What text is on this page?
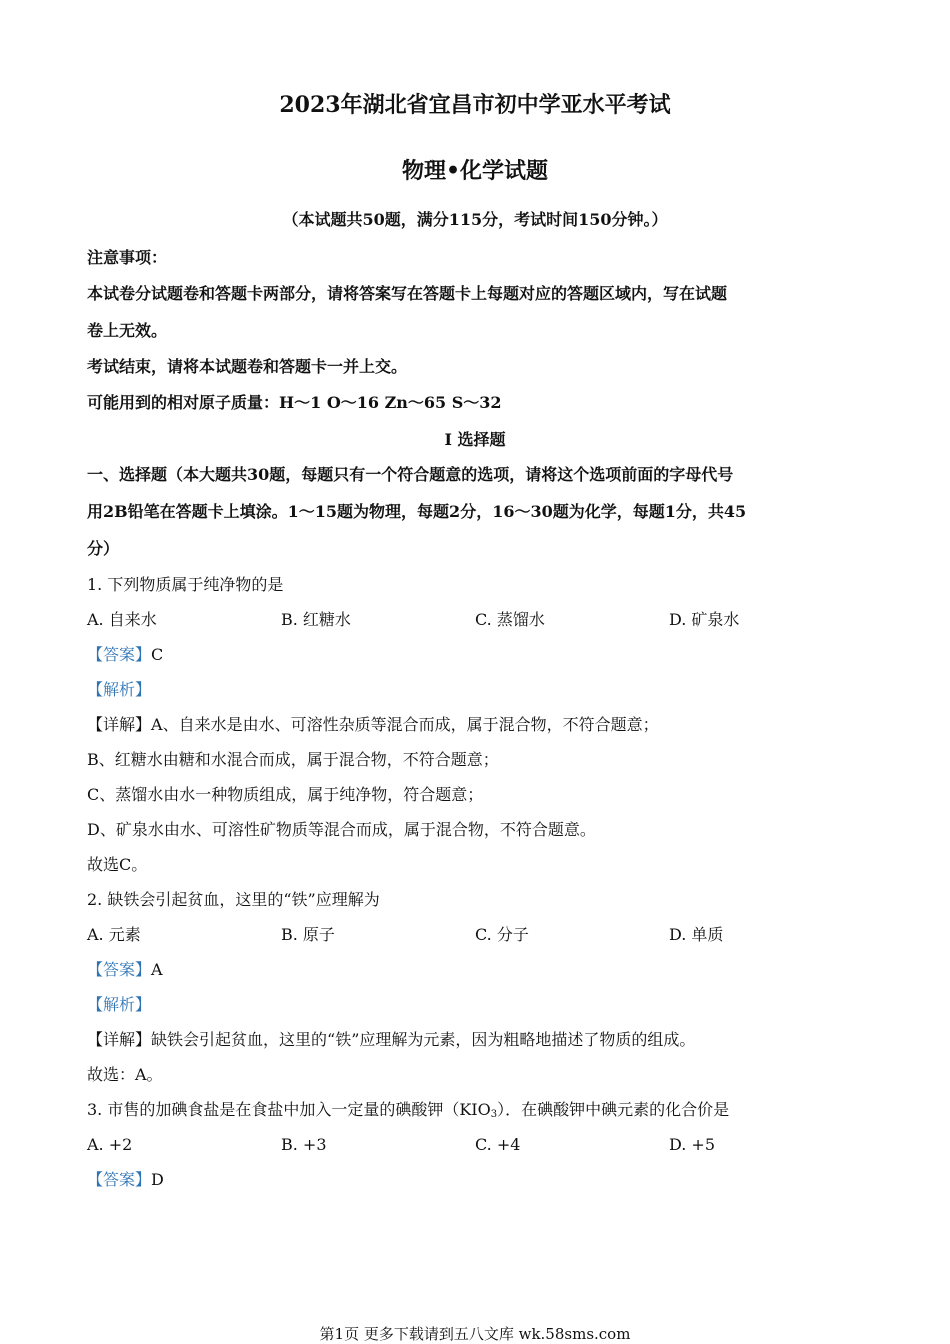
2023年湖北省宜昌市初中学亚水平考试
物理•化学试题
（本试题共50题，满分115分，考试时间150分钟。）
注意事项：
本试卷分试题卷和答题卡两部分，请将答案写在答题卡上每题对应的答题区域内，写在试题
卷上无效。
考试结束，请将本试题卷和答题卡一并上交。
可能用到的相对原子质量：H～1 O～16 Zn～65 S～32
Ⅰ 选择题
一、选择题（本大题共30题，每题只有一个符合题意的选项，请将这个选项前面的字母代号
用2B铅笔在答题卡上填涂。1～15题为物理，每题2分，16～30题为化学，每题1分，共45
分）
1. 下列物质属于纯净物的是
A. 自来水	B. 红糖水	C. 蒸馏水	D. 矿泉水
【答案】C
【解析】
【详解】A、自来水是由水、可溶性杂质等混合而成，属于混合物，不符合题意；
B、红糖水由糖和水混合而成，属于混合物，不符合题意；
C、蒸馏水由水一种物质组成，属于纯净物，符合题意；
D、矿泉水由水、可溶性矿物质等混合而成，属于混合物，不符合题意。
故选C。
2. 缺铁会引起贫血，这里的“铁”应理解为
A. 元素	B. 原子	C. 分子	D. 单质
【答案】A
【解析】
【详解】缺铁会引起贫血，这里的“铁”应理解为元素，因为粗略地描述了物质的组成。
故选：A。
3. 市售的加碘食盐是在食盐中加入一定量的碘酸钾$(KIO_3)$．在碘酸钾中碘元素的化合价是
A. +2	B. +3	C. +4	D. +5
【答案】D
第1页 更多下载请到五八文库 wk.58sms.com
